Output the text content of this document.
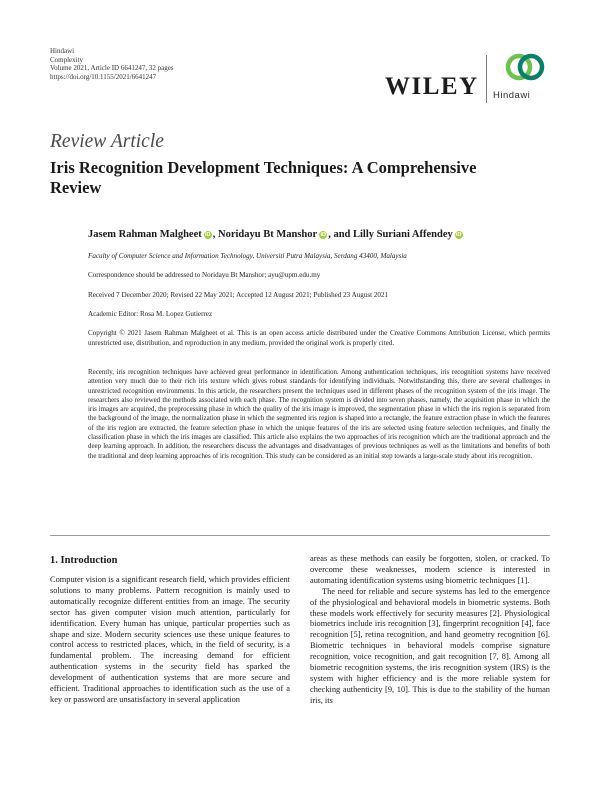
Hindawi
Complexity
Volume 2021, Article ID 6641247, 32 pages
https://doi.org/10.1155/2021/6641247	WILEY Hindawi
Review Article
Iris Recognition Development Techniques: A Comprehensive Review
Jasem Rahman Malgheet iD , Noridayu Bt Manshor iD , and Lilly Suriani Affendey iD
Faculty of Computer Science and Information Technology, Universiti Putra Malaysia, Serdang 43400, Malaysia
Correspondence should be addressed to Noridayu Bt Manshor; ayu@upm.edu.my
Received 7 December 2020; Revised 22 May 2021; Accepted 12 August 2021; Published 23 August 2021
Academic Editor: Rosa M. Lopez Gutierrez
Copyright © 2021 Jasem Rahman Malgheet et al. This is an open access article distributed under the Creative Commons Attribution License, which permits unrestricted use, distribution, and reproduction in any medium, provided the original work is properly cited.
Recently, iris recognition techniques have achieved great performance in identification. Among authentication techniques, iris recognition systems have received attention very much due to their rich iris texture which gives robust standards for identifying individuals. Notwithstanding this, there are several challenges in unrestricted recognition environments. In this article, the researchers present the techniques used in different phases of the recognition system of the iris image. The researchers also reviewed the methods associated with each phase. The recognition system is divided into seven phases, namely, the acquisition phase in which the iris images are acquired, the preprocessing phase in which the quality of the iris image is improved, the segmentation phase in which the iris region is separated from the background of the image, the normalization phase in which the segmented iris region is shaped into a rectangle, the feature extraction phase in which the features of the iris region are extracted, the feature selection phase in which the unique features of the iris are selected using feature selection techniques, and finally the classification phase in which the iris images are classified. This article also explains the two approaches of iris recognition which are the traditional approach and the deep learning approach. In addition, the researchers discuss the advantages and disadvantages of previous techniques as well as the limitations and benefits of both the traditional and deep learning approaches of iris recognition. This study can be considered as an initial step towards a large-scale study about iris recognition.
1. Introduction

Computer vision is a significant research field, which provides efficient solutions to many problems. Pattern recognition is mainly used to automatically recognize different entities from an image. The security sector has given computer vision much attention, particularly for identification. Every human has unique, particular properties such as shape and size. Modern security sciences use these unique features to control access to restricted places, which, in the field of security, is a fundamental problem. The increasing demand for efficient authentication systems in the security field has sparked the development of authentication systems that are more secure and efficient. Traditional approaches to identification such as the use of a key or password are unsatisfactory in several application

areas as these methods can easily be forgotten, stolen, or cracked. To overcome these weaknesses, modern science is interested in automating identification systems using biometric techniques [1].

The need for reliable and secure systems has led to the emergence of the physiological and behavioral models in biometric systems. Both these models work effectively for security measures [2]. Physiological biometrics include iris recognition [3], fingerprint recognition [4], face recognition [5], retina recognition, and hand geometry recognition [6]. Biometric techniques in behavioral models comprise signature recognition, voice recognition, and gait recognition [7, 8]. Among all biometric recognition systems, the iris recognition system (IRS) is the system with higher efficiency and is the more reliable system for checking authenticity [9, 10]. This is due to the stability of the human iris, its
